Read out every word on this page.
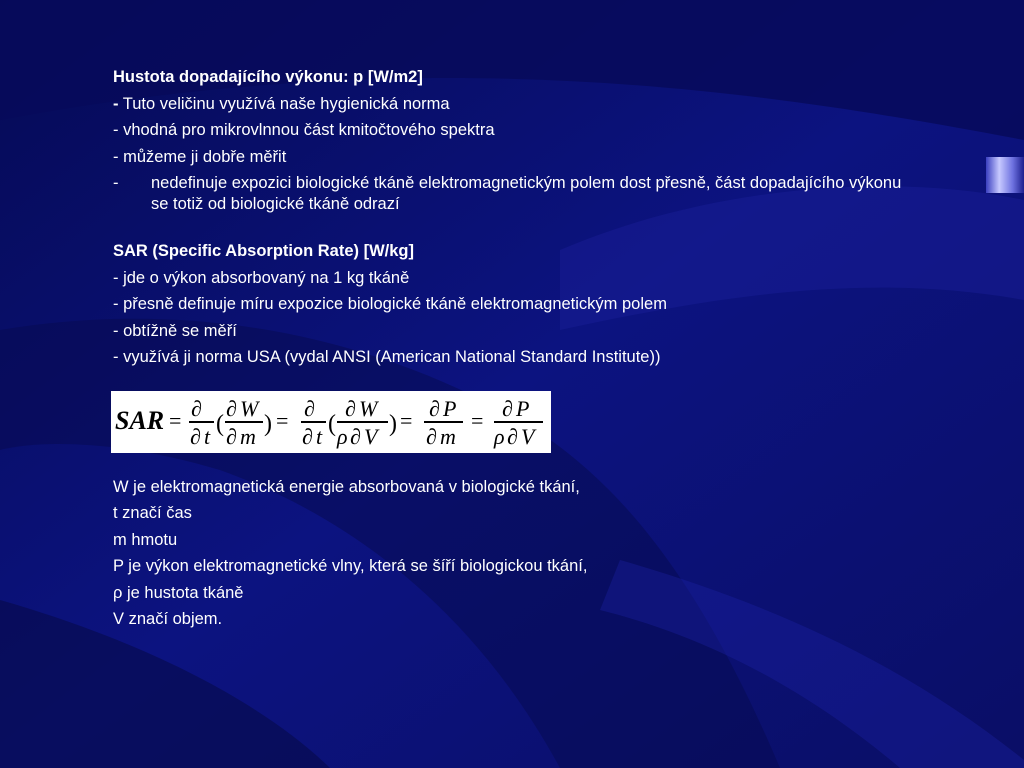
Hustota dopadajícího výkonu: p [W/m2]
- Tuto veličinu využívá naše hygienická norma
- vhodná pro mikrovlnnou část kmitočtového spektra
- můžeme ji dobře měřit
-	nedefinuje expozici biologické tkáně elektromagnetickým polem dost přesně, část dopadajícího výkonu se totiž od biologické tkáně odrazí
SAR (Specific Absorption Rate) [W/kg]
- jde o výkon absorbovaný na 1 kg tkáně
- přesně definuje míru expozice biologické tkáně elektromagnetickým polem
- obtížně se měří
- využívá ji norma USA (vydal ANSI (American National Standard Institute))
SAR = ∂
∂ t (
∂ W
∂ m ) = ∂
∂ t (
∂ W
ρ ∂ V ) = ∂ P
∂ m
= ∂ P
ρ ∂ V
W je elektromagnetická energie absorbovaná v biologické tkání,
t značí čas
m hmotu
P je výkon elektromagnetické vlny, která se šíří biologickou tkání,
ρ je hustota tkáně
V značí objem.
